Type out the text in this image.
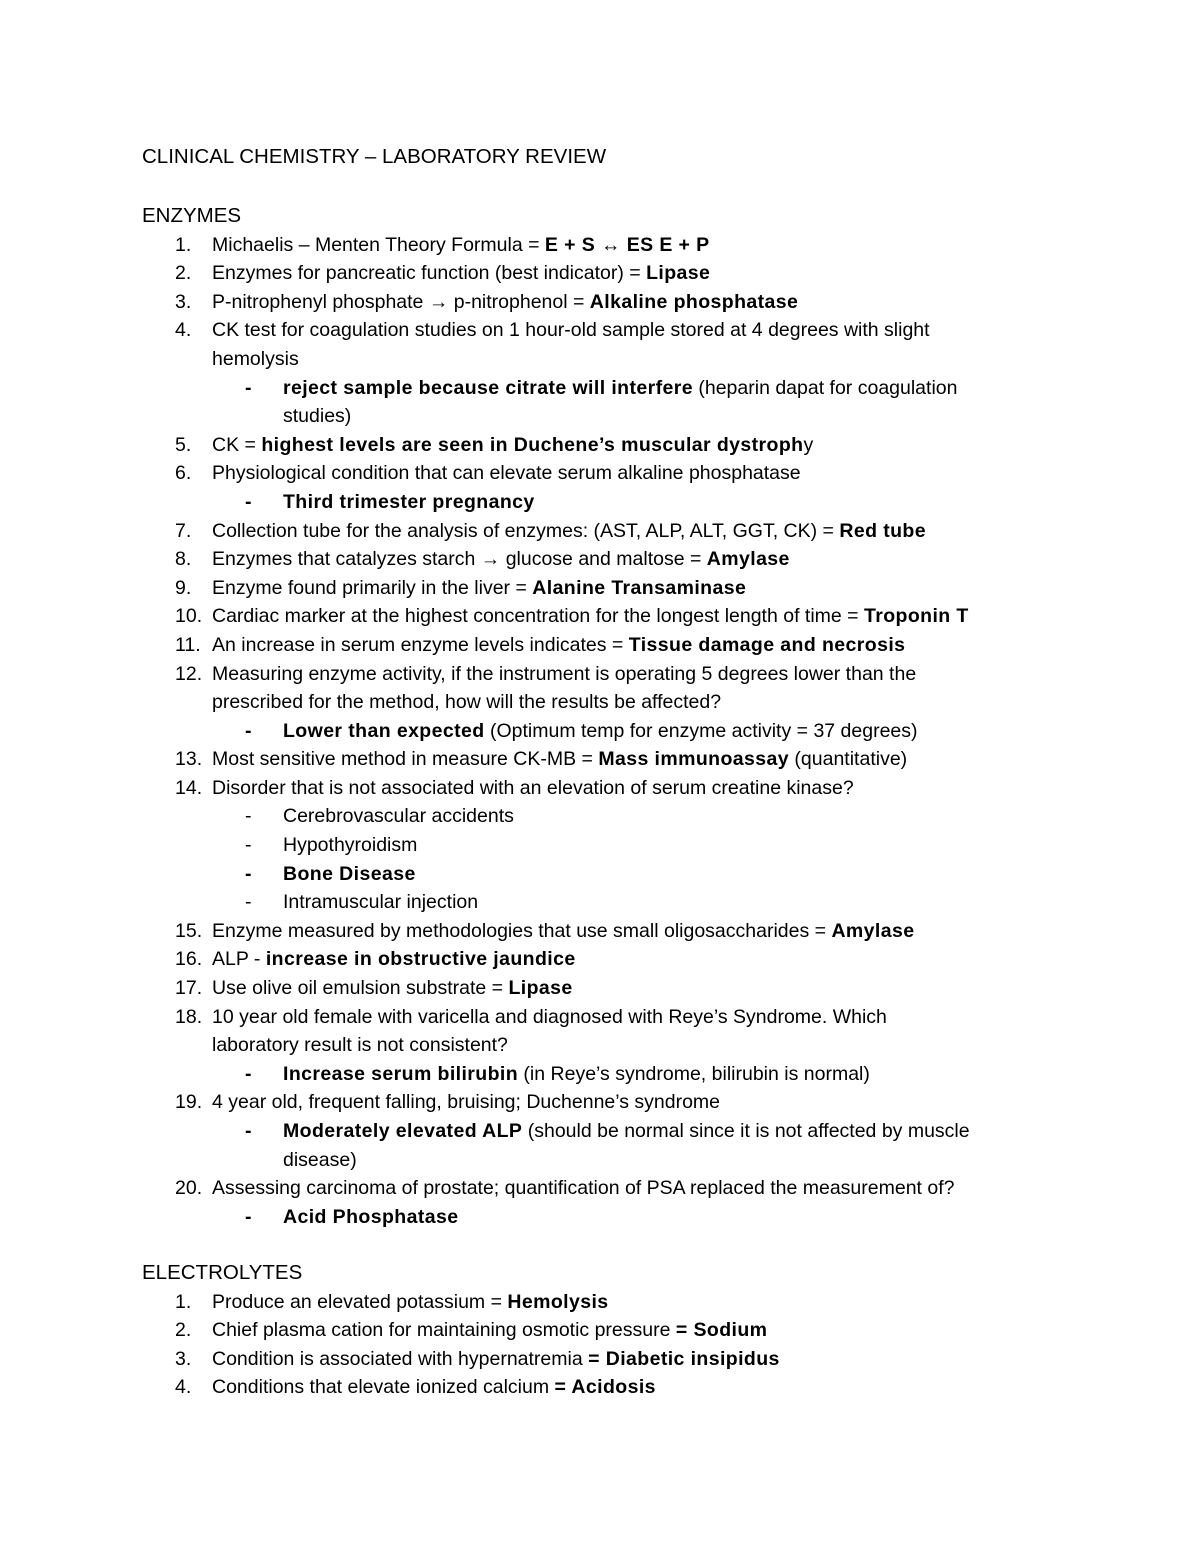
CLINICAL CHEMISTRY – LABORATORY REVIEW
ENZYMES
1. Michaelis – Menten Theory Formula = E + S ↔ ES E + P
2. Enzymes for pancreatic function (best indicator) = Lipase
3. P-nitrophenyl phosphate → p-nitrophenol = Alkaline phosphatase
4. CK test for coagulation studies on 1 hour-old sample stored at 4 degrees with slight
hemolysis
- reject sample because citrate will interfere (heparin dapat for coagulation
studies)
5. CK = highest levels are seen in Duchene’s muscular dystrophy
6. Physiological condition that can elevate serum alkaline phosphatase
- Third trimester pregnancy
7. Collection tube for the analysis of enzymes: (AST, ALP, ALT, GGT, CK) = Red tube
8. Enzymes that catalyzes starch → glucose and maltose = Amylase
9. Enzyme found primarily in the liver = Alanine Transaminase
10. Cardiac marker at the highest concentration for the longest length of time = Troponin T
11. An increase in serum enzyme levels indicates = Tissue damage and necrosis
12. Measuring enzyme activity, if the instrument is operating 5 degrees lower than the
prescribed for the method, how will the results be affected?
- Lower than expected (Optimum temp for enzyme activity = 37 degrees)
13. Most sensitive method in measure CK-MB = Mass immunoassay (quantitative)
14. Disorder that is not associated with an elevation of serum creatine kinase?
- Cerebrovascular accidents
- Hypothyroidism
- Bone Disease
- Intramuscular injection
15. Enzyme measured by methodologies that use small oligosaccharides = Amylase
16. ALP - increase in obstructive jaundice
17. Use olive oil emulsion substrate = Lipase
18. 10 year old female with varicella and diagnosed with Reye’s Syndrome. Which
laboratory result is not consistent?
- Increase serum bilirubin (in Reye’s syndrome, bilirubin is normal)
19. 4 year old, frequent falling, bruising; Duchenne’s syndrome
- Moderately elevated ALP (should be normal since it is not affected by muscle
disease)
20. Assessing carcinoma of prostate; quantification of PSA replaced the measurement of?
- Acid Phosphatase
ELECTROLYTES
1. Produce an elevated potassium = Hemolysis
2. Chief plasma cation for maintaining osmotic pressure = Sodium
3. Condition is associated with hypernatremia = Diabetic insipidus
4. Conditions that elevate ionized calcium = Acidosis
